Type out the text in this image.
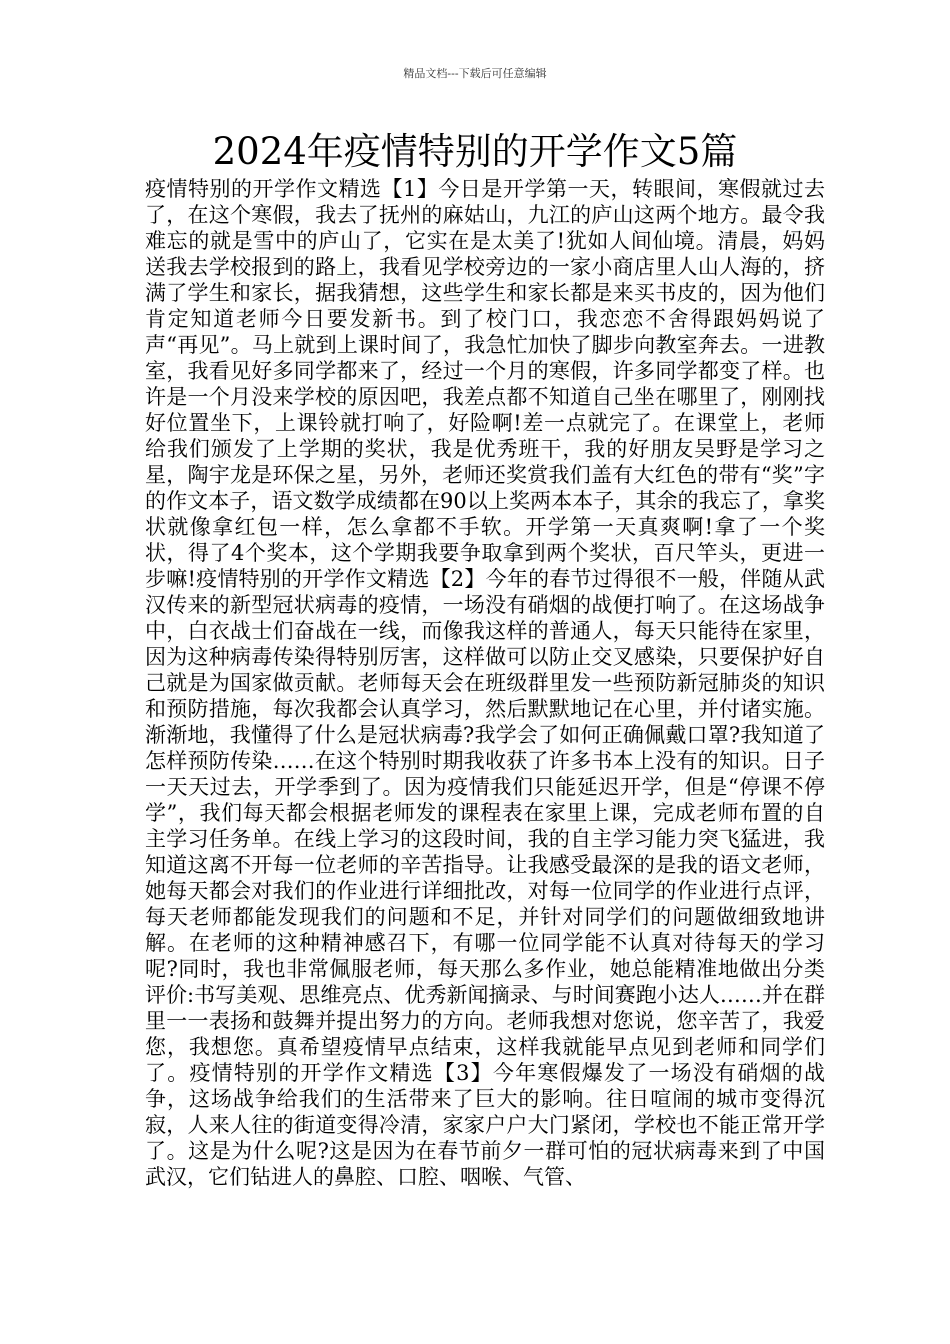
精品文档---下载后可任意编辑
2024年疫情特别的开学作文5篇

疫情特别的开学作文精选【1】今日是开学第一天，转眼间，寒假就过去了，在这个寒假，我去了抚州的麻姑山，九江的庐山这两个地方。最令我难忘的就是雪中的庐山了，它实在是太美了!犹如人间仙境。清晨，妈妈送我去学校报到的路上，我看见学校旁边的一家小商店里人山人海的，挤满了学生和家长，据我猜想，这些学生和家长都是来买书皮的，因为他们肯定知道老师今日要发新书。到了校门口，我恋恋不舍得跟妈妈说了声“再见”。马上就到上课时间了，我急忙加快了脚步向教室奔去。一进教室，我看见好多同学都来了，经过一个月的寒假，许多同学都变了样。也许是一个月没来学校的原因吧，我差点都不知道自己坐在哪里了，刚刚找好位置坐下，上课铃就打响了，好险啊!差一点就完了。在课堂上，老师给我们颁发了上学期的奖状，我是优秀班干，我的好朋友吴野是学习之星，陶宇龙是环保之星，另外，老师还奖赏我们盖有大红色的带有“奖”字的作文本子，语文数学成绩都在90以上奖两本本子，其余的我忘了，拿奖状就像拿红包一样，怎么拿都不手软。开学第一天真爽啊!拿了一个奖状，得了4个奖本，这个学期我要争取拿到两个奖状，百尺竿头，更进一步嘛!疫情特别的开学作文精选【2】今年的春节过得很不一般，伴随从武汉传来的新型冠状病毒的疫情，一场没有硝烟的战便打响了。在这场战争中，白衣战士们奋战在一线，而像我这样的普通人，每天只能待在家里，因为这种病毒传染得特别厉害，这样做可以防止交叉感染，只要保护好自己就是为国家做贡献。老师每天会在班级群里发一些预防新冠肺炎的知识和预防措施，每次我都会认真学习，然后默默地记在心里，并付诸实施。渐渐地，我懂得了什么是冠状病毒?我学会了如何正确佩戴口罩?我知道了怎样预防传染……在这个特别时期我收获了许多书本上没有的知识。日子一天天过去，开学季到了。因为疫情我们只能延迟开学，但是“停课不停学”，我们每天都会根据老师发的课程表在家里上课，完成老师布置的自主学习任务单。在线上学习的这段时间，我的自主学习能力突飞猛进，我知道这离不开每一位老师的辛苦指导。让我感受最深的是我的语文老师，她每天都会对我们的作业进行详细批改，对每一位同学的作业进行点评，每天老师都能发现我们的问题和不足，并针对同学们的问题做细致地讲解。在老师的这种精神感召下，有哪一位同学能不认真对待每天的学习呢?同时，我也非常佩服老师，每天那么多作业，她总能精准地做出分类评价:书写美观、思维亮点、优秀新闻摘录、与时间赛跑小达人……并在群里一一表扬和鼓舞并提出努力的方向。老师我想对您说，您辛苦了，我爱您，我想您。真希望疫情早点结束，这样我就能早点见到老师和同学们了。疫情特别的开学作文精选【3】今年寒假爆发了一场没有硝烟的战争，这场战争给我们的生活带来了巨大的影响。往日喧闹的城市变得沉寂，人来人往的街道变得冷清，家家户户大门紧闭，学校也不能正常开学了。这是为什么呢?这是因为在春节前夕一群可怕的冠状病毒来到了中国武汉，它们钻进人的鼻腔、口腔、咽喉、气管、
